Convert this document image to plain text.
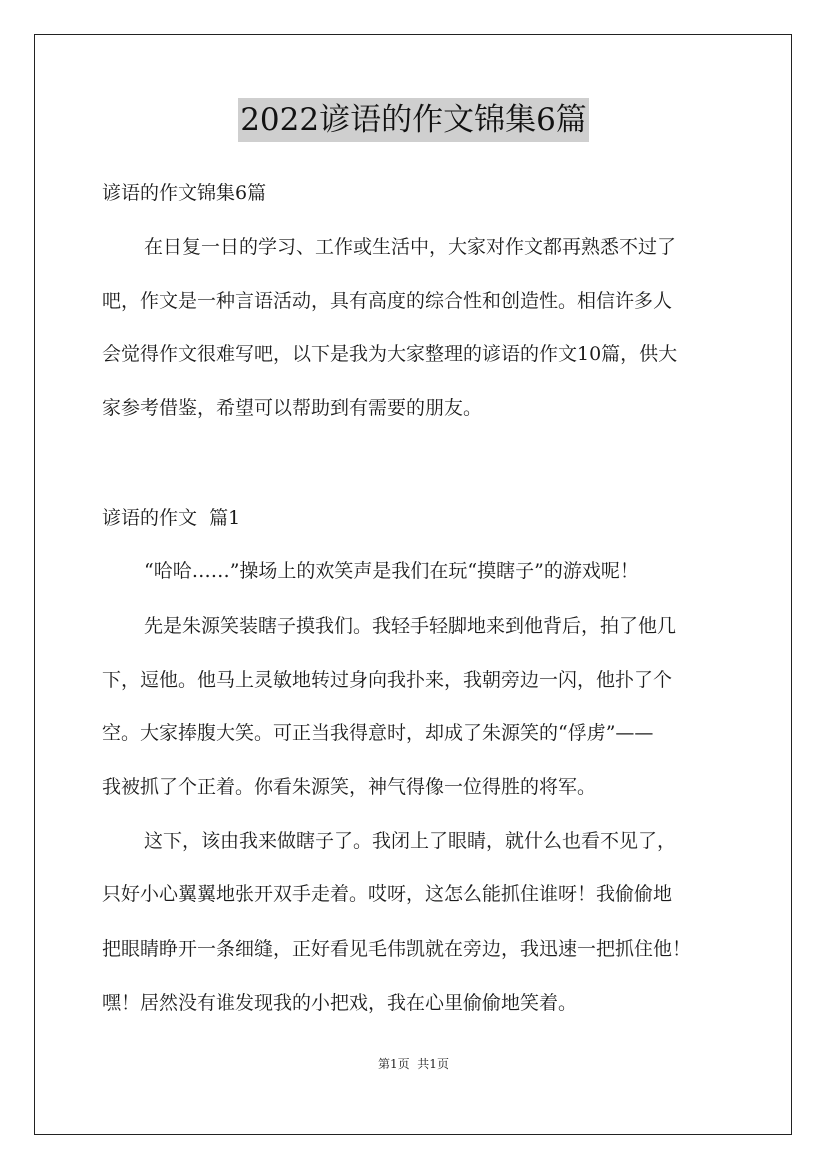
2022谚语的作文锦集6篇
谚语的作文锦集6篇
在日复一日的学习、工作或生活中，大家对作文都再熟悉不过了
吧，作文是一种言语活动，具有高度的综合性和创造性。相信许多人
会觉得作文很难写吧，以下是我为大家整理的谚语的作文10篇，供大
家参考借鉴，希望可以帮助到有需要的朋友。
谚语的作文  篇1
“哈哈……”操场上的欢笑声是我们在玩“摸瞎子”的游戏呢！
先是朱源笑装瞎子摸我们。我轻手轻脚地来到他背后，拍了他几
下，逗他。他马上灵敏地转过身向我扑来，我朝旁边一闪，他扑了个
空。大家捧腹大笑。可正当我得意时，却成了朱源笑的“俘虏”——
我被抓了个正着。你看朱源笑，神气得像一位得胜的将军。
这下，该由我来做瞎子了。我闭上了眼睛，就什么也看不见了，
只好小心翼翼地张开双手走着。哎呀，这怎么能抓住谁呀！我偷偷地
把眼睛睁开一条细缝，正好看见毛伟凯就在旁边，我迅速一把抓住他！
嘿！居然没有谁发现我的小把戏，我在心里偷偷地笑着。
第1页  共1页
